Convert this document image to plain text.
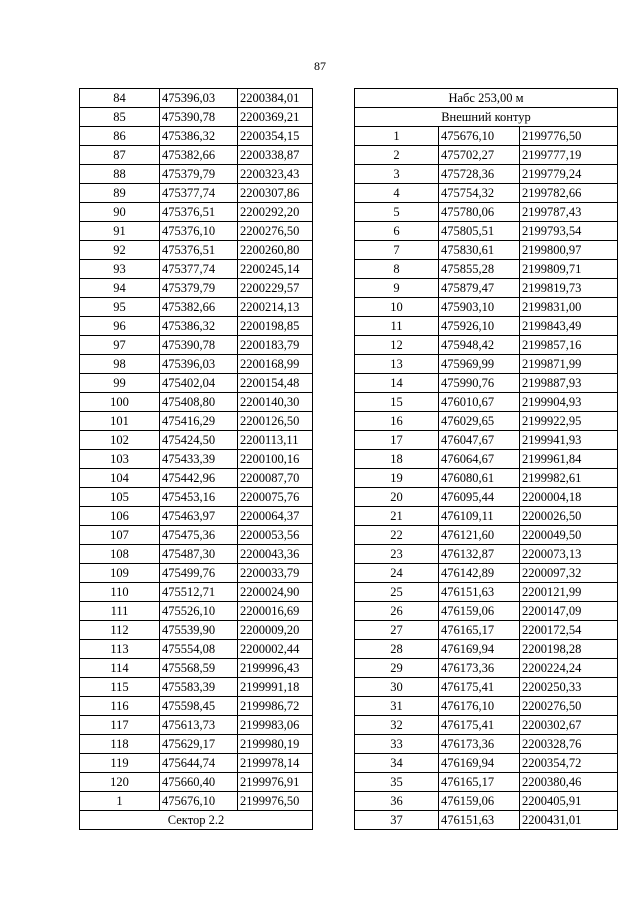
87
84	475396,03	2200384,01
85	475390,78	2200369,21
86	475386,32	2200354,15
87	475382,66	2200338,87
88	475379,79	2200323,43
89	475377,74	2200307,86
90	475376,51	2200292,20
91	475376,10	2200276,50
92	475376,51	2200260,80
93	475377,74	2200245,14
94	475379,79	2200229,57
95	475382,66	2200214,13
96	475386,32	2200198,85
97	475390,78	2200183,79
98	475396,03	2200168,99
99	475402,04	2200154,48
100	475408,80	2200140,30
101	475416,29	2200126,50
102	475424,50	2200113,11
103	475433,39	2200100,16
104	475442,96	2200087,70
105	475453,16	2200075,76
106	475463,97	2200064,37
107	475475,36	2200053,56
108	475487,30	2200043,36
109	475499,76	2200033,79
110	475512,71	2200024,90
111	475526,10	2200016,69
112	475539,90	2200009,20
113	475554,08	2200002,44
114	475568,59	2199996,43
115	475583,39	2199991,18
116	475598,45	2199986,72
117	475613,73	2199983,06
118	475629,17	2199980,19
119	475644,74	2199978,14
120	475660,40	2199976,91
1	475676,10	2199976,50
Сектор 2.2		
Набс 253,00 м		
Внешний контур		
1	475676,10	2199776,50
2	475702,27	2199777,19
3	475728,36	2199779,24
4	475754,32	2199782,66
5	475780,06	2199787,43
6	475805,51	2199793,54
7	475830,61	2199800,97
8	475855,28	2199809,71
9	475879,47	2199819,73
10	475903,10	2199831,00
11	475926,10	2199843,49
12	475948,42	2199857,16
13	475969,99	2199871,99
14	475990,76	2199887,93
15	476010,67	2199904,93
16	476029,65	2199922,95
17	476047,67	2199941,93
18	476064,67	2199961,84
19	476080,61	2199982,61
20	476095,44	2200004,18
21	476109,11	2200026,50
22	476121,60	2200049,50
23	476132,87	2200073,13
24	476142,89	2200097,32
25	476151,63	2200121,99
26	476159,06	2200147,09
27	476165,17	2200172,54
28	476169,94	2200198,28
29	476173,36	2200224,24
30	476175,41	2200250,33
31	476176,10	2200276,50
32	476175,41	2200302,67
33	476173,36	2200328,76
34	476169,94	2200354,72
35	476165,17	2200380,46
36	476159,06	2200405,91
37	476151,63	2200431,01
